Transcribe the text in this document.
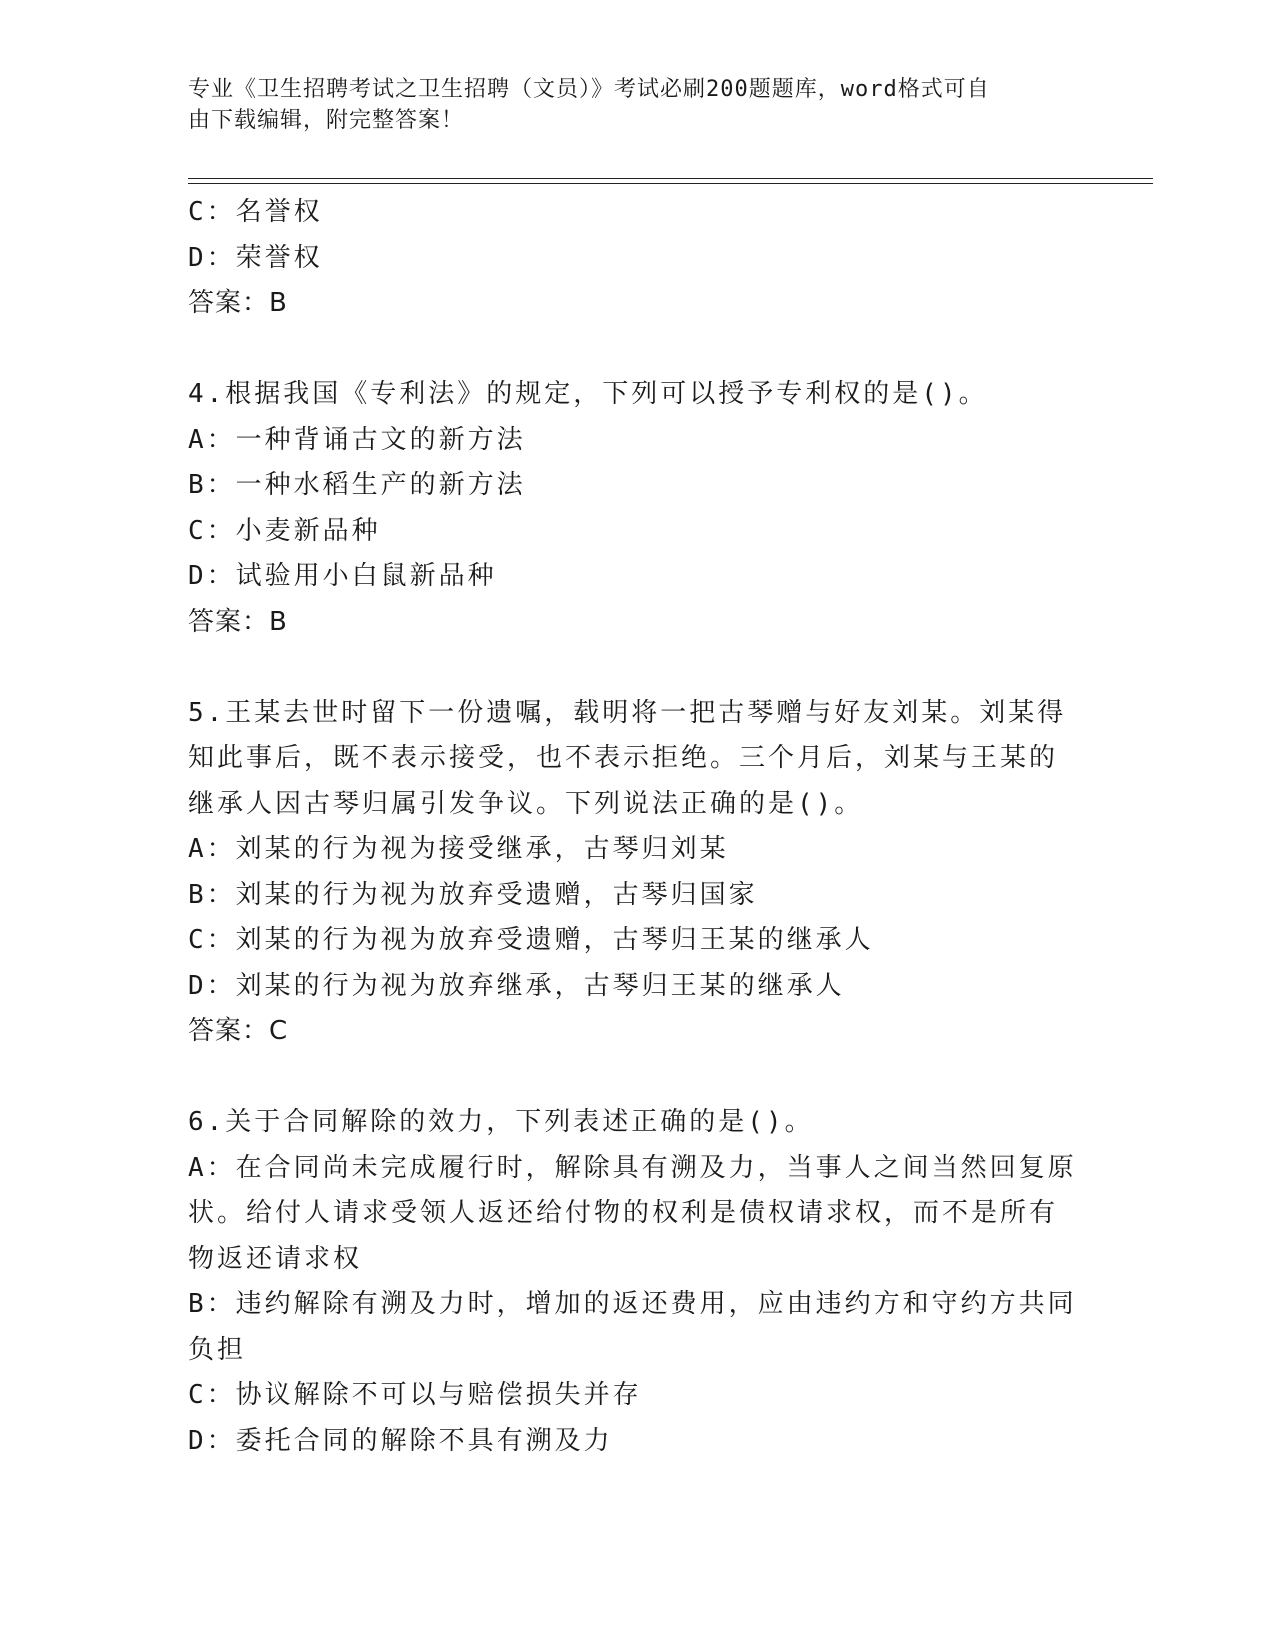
专业《卫生招聘考试之卫生招聘（文员）》考试必刷200题题库，word格式可自
由下载编辑，附完整答案！
C：名誉权
D：荣誉权
答案：B
4.根据我国《专利法》的规定，下列可以授予专利权的是()。
A：一种背诵古文的新方法
B：一种水稻生产的新方法
C：小麦新品种
D：试验用小白鼠新品种
答案：B
5.王某去世时留下一份遗嘱，载明将一把古琴赠与好友刘某。刘某得
知此事后，既不表示接受，也不表示拒绝。三个月后，刘某与王某的
继承人因古琴归属引发争议。下列说法正确的是()。
A：刘某的行为视为接受继承，古琴归刘某
B：刘某的行为视为放弃受遗赠，古琴归国家
C：刘某的行为视为放弃受遗赠，古琴归王某的继承人
D：刘某的行为视为放弃继承，古琴归王某的继承人
答案：C
6.关于合同解除的效力，下列表述正确的是()。
A：在合同尚未完成履行时，解除具有溯及力，当事人之间当然回复原
状。给付人请求受领人返还给付物的权利是债权请求权，而不是所有
物返还请求权
B：违约解除有溯及力时，增加的返还费用，应由违约方和守约方共同
负担
C：协议解除不可以与赔偿损失并存
D：委托合同的解除不具有溯及力
